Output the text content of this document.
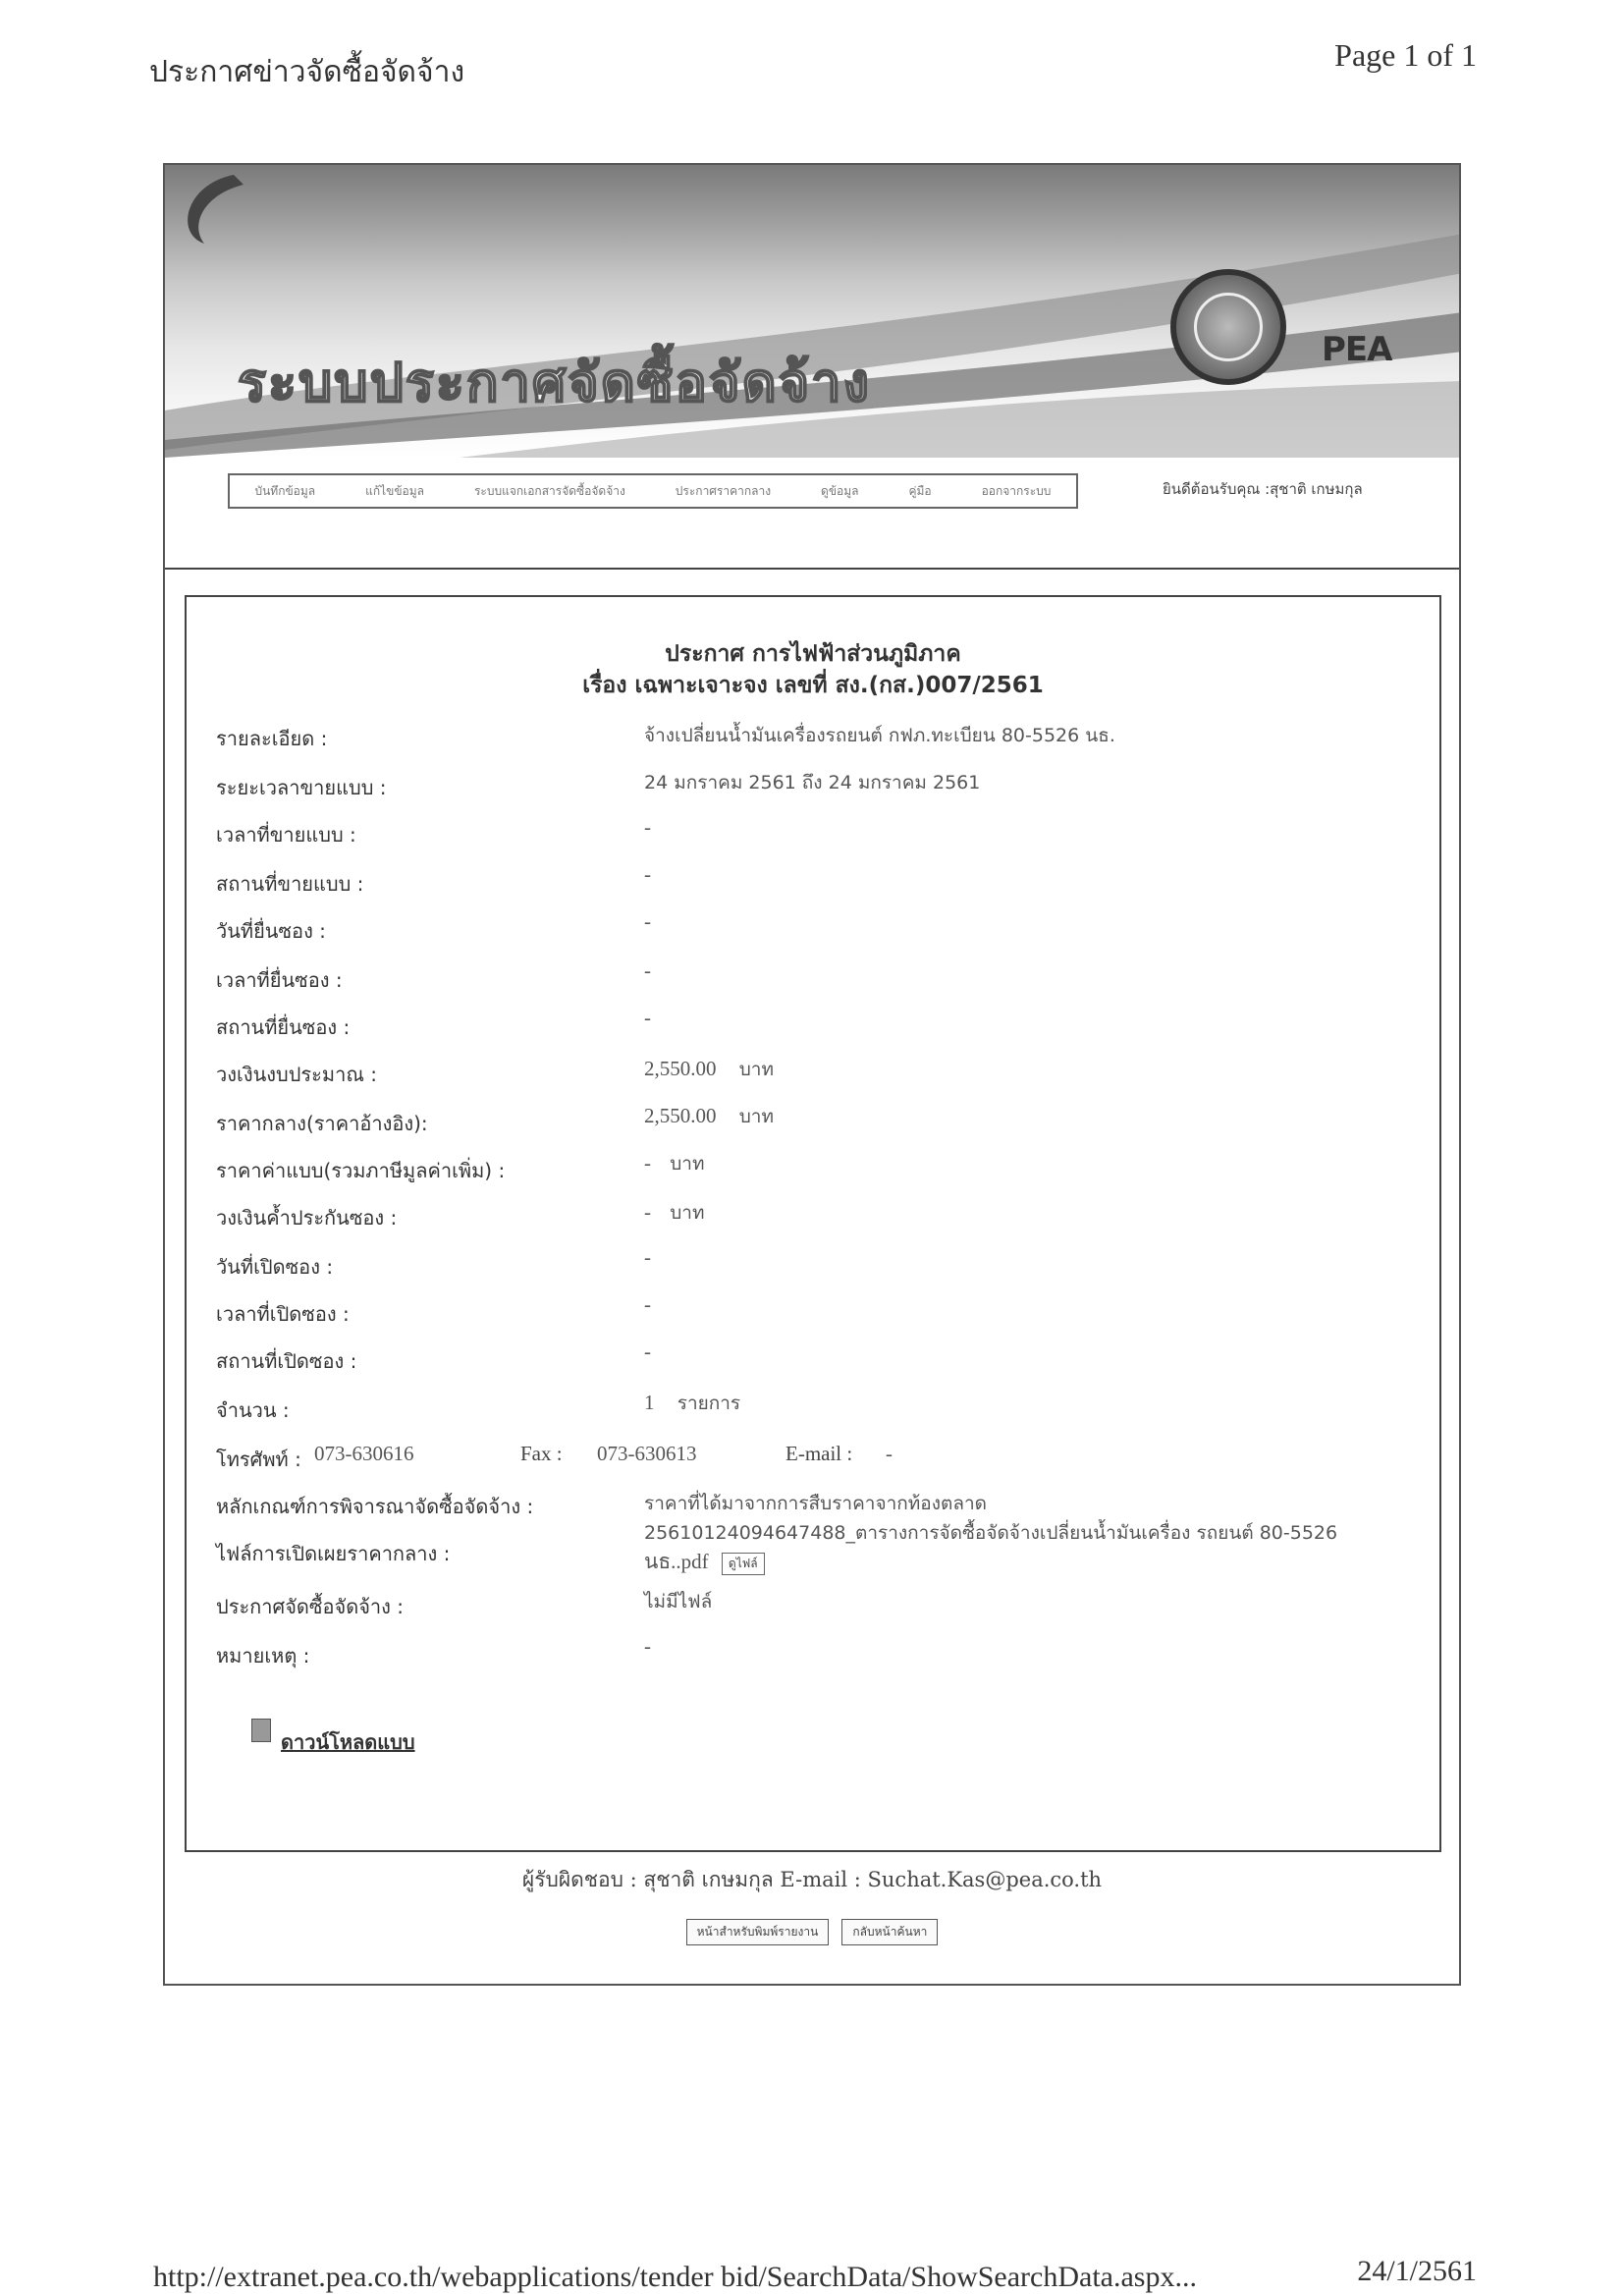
ประกาศข่าวจัดซื้อจัดจ้าง	Page 1 of 1
ระบบประกาศจัดซื้อจัดจ้าง
PEA
บันทึกข้อมูล	แก้ไขข้อมูล	ระบบแจกเอกสารจัดซื้อจัดจ้าง	ประกาศราคากลาง	ดูข้อมูล	คู่มือ	ออกจากระบบ	ยินดีต้อนรับคุณ :สุชาติ เกษมกุล
ประกาศ การไฟฟ้าส่วนภูมิภาค
เรื่อง เฉพาะเจาะจง เลขที่ สง.(กส.)007/2561
รายละเอียด :	จ้างเปลี่ยนน้ำมันเครื่องรถยนต์ กฟภ.ทะเบียน 80-5526 นธ.
ระยะเวลาขายแบบ :	24 มกราคม 2561 ถึง 24 มกราคม 2561
เวลาที่ขายแบบ :	-
สถานที่ขายแบบ :	-
วันที่ยื่นซอง :	-
เวลาที่ยื่นซอง :	-
สถานที่ยื่นซอง :	-
วงเงินงบประมาณ :	2,550.00 บาท
ราคากลาง(ราคาอ้างอิง):	2,550.00 บาท
ราคาค่าแบบ(รวมภาษีมูลค่าเพิ่ม) :	- บาท
วงเงินค้ำประกันซอง :	- บาท
วันที่เปิดซอง :	-
เวลาที่เปิดซอง :	-
สถานที่เปิดซอง :	-
จำนวน :	1 รายการ
โทรศัพท์ : 073-630616	Fax : 073-630613	E-mail : -
หลักเกณฑ์การพิจารณาจัดซื้อจัดจ้าง :	ราคาที่ได้มาจากการสืบราคาจากท้องตลาด
ไฟล์การเปิดเผยราคากลาง :
25610124094647488_ตารางการจัดซื้อจัดจ้างเปลี่ยนน้ำมันเครื่อง รถยนต์ 80-5526
นธ..pdf ดูไฟล์
ประกาศจัดซื้อจัดจ้าง :	ไม่มีไฟล์
หมายเหตุ :	-
ดาวน์โหลดแบบ
ผู้รับผิดชอบ : สุชาติ เกษมกุล E-mail : Suchat.Kas@pea.co.th
หน้าสำหรับพิมพ์รายงาน	กลับหน้าค้นหา
http://extranet.pea.co.th/webapplications/tender bid/SearchData/ShowSearchData.aspx...	24/1/2561
